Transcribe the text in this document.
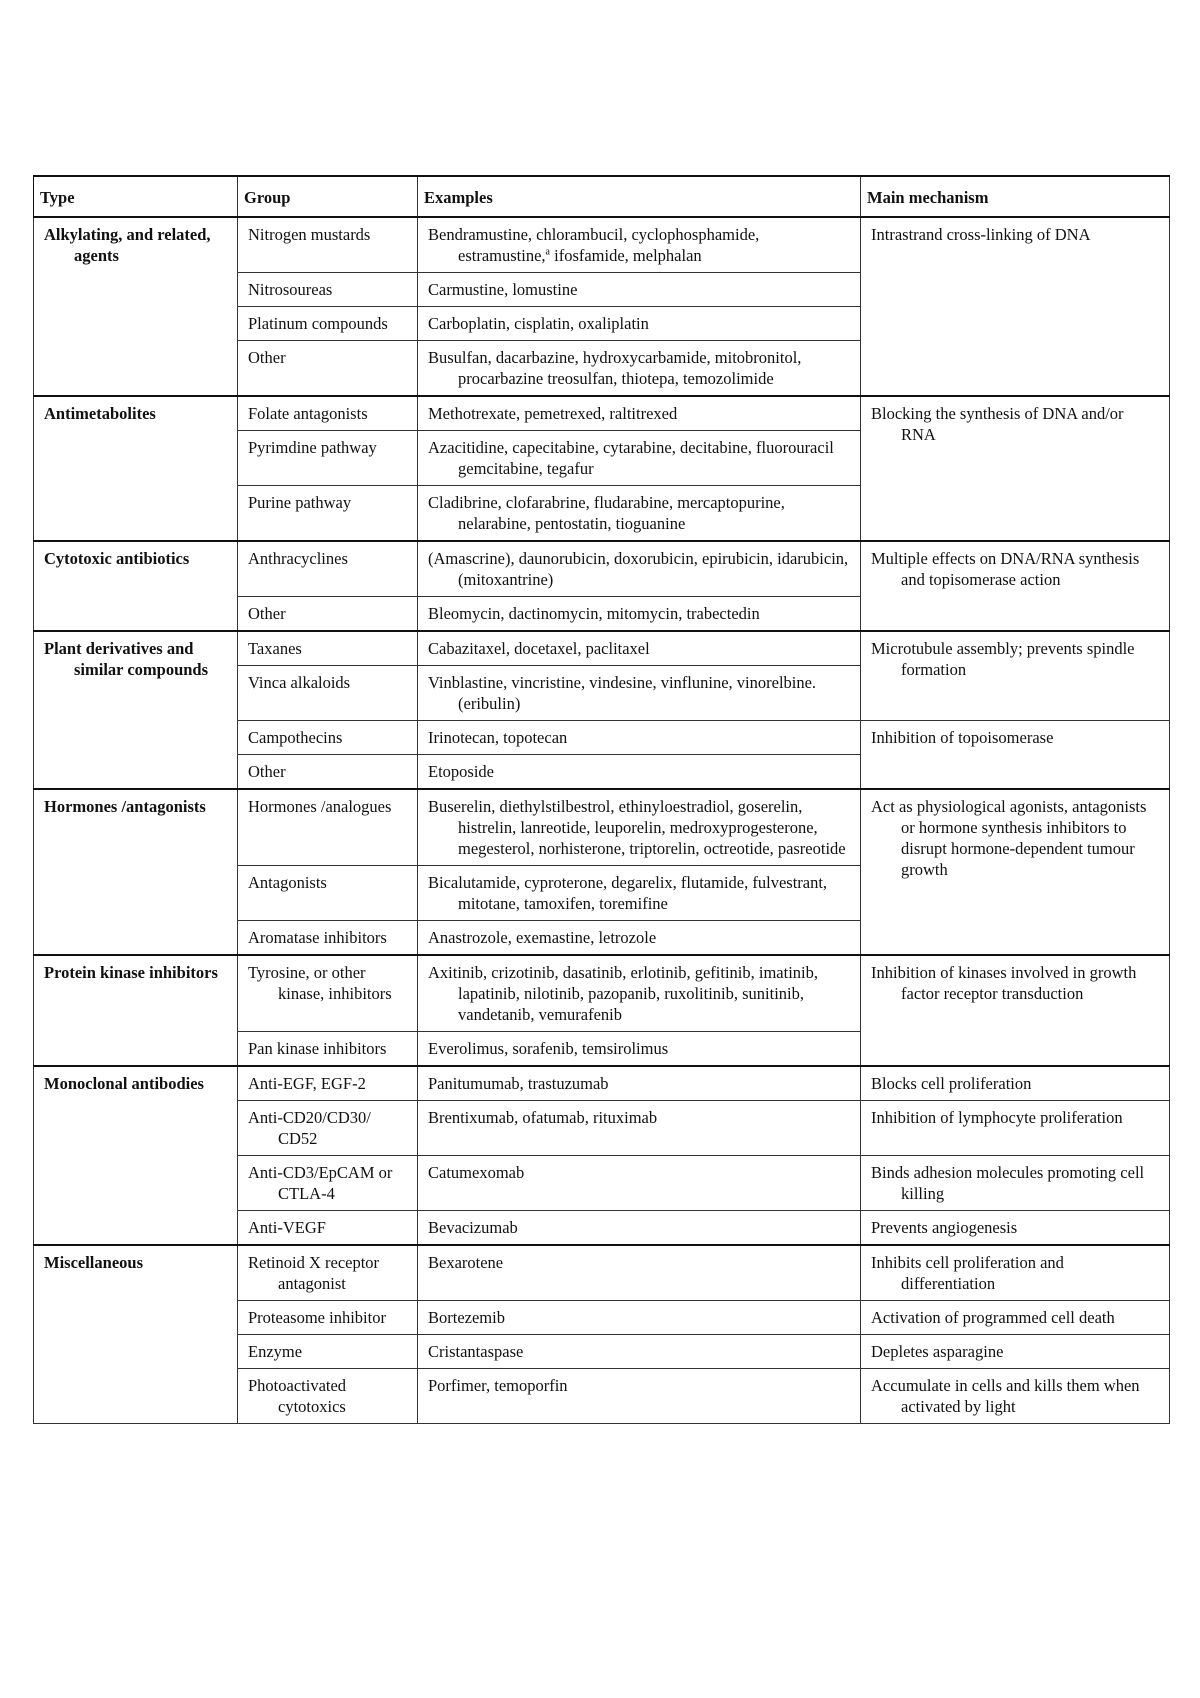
Type	Group	Examples	Main mechanism

Alkylating, and related, agents	Nitrogen mustards	Bendramustine, chlorambucil, cyclophosphamide, estramustine,$^a$ ifosfamide, melphalan	Intrastrand cross-linking of DNA

	Nitrosoureas	Carmustine, lomustine	

	Platinum compounds	Carboplatin, cisplatin, oxaliplatin	

	Other	Busulfan, dacarbazine, hydroxycarbamide, mitobronitol, procarbazine treosulfan, thiotepa, temozolimide	

Antimetabolites	Folate antagonists	Methotrexate, pemetrexed, raltitrexed	Blocking the synthesis of DNA and/or RNA

	Pyrimdine pathway	Azacitidine, capecitabine, cytarabine, decitabine, fluorouracil gemcitabine, tegafur	

	Purine pathway	Cladibrine, clofarabrine, fludarabine, mercaptopurine, nelarabine, pentostatin, tioguanine	

Cytotoxic antibiotics	Anthracyclines	(Amascrine), daunorubicin, doxorubicin, epirubicin, idarubicin, (mitoxantrine)	Multiple effects on DNA/RNA synthesis and topisomerase action

	Other	Bleomycin, dactinomycin, mitomycin, trabectedin	

Plant derivatives and similar compounds	Taxanes	Cabazitaxel, docetaxel, paclitaxel	Microtubule assembly; prevents spindle formation

	Vinca alkaloids	Vinblastine, vincristine, vindesine, vinflunine, vinorelbine. (eribulin)	

	Campothecins	Irinotecan, topotecan	Inhibition of topoisomerase

	Other	Etoposide	

Hormones /antagonists	Hormones /analogues	Buserelin, diethylstilbestrol, ethinyloestradiol, goserelin, histrelin, lanreotide, leuporelin, medroxyprogesterone, megesterol, norhisterone, triptorelin, octreotide, pasreotide	Act as physiological agonists, antagonists or hormone synthesis inhibitors to disrupt hormone-dependent tumour growth

	Antagonists	Bicalutamide, cyproterone, degarelix, flutamide, fulvestrant, mitotane, tamoxifen, toremifine	

	Aromatase inhibitors	Anastrozole, exemastine, letrozole	

Protein kinase inhibitors	Tyrosine, or other kinase, inhibitors	Axitinib, crizotinib, dasatinib, erlotinib, gefitinib, imatinib, lapatinib, nilotinib, pazopanib, ruxolitinib, sunitinib, vandetanib, vemurafenib	Inhibition of kinases involved in growth factor receptor transduction

	Pan kinase inhibitors	Everolimus, sorafenib, temsirolimus	

Monoclonal antibodies	Anti-EGF, EGF-2	Panitumumab, trastuzumab	Blocks cell proliferation

	Anti-CD20/CD30/ CD52	Brentixumab, ofatumab, rituximab	Inhibition of lymphocyte proliferation

	Anti-CD3/EpCAM or CTLA-4	Catumexomab	Binds adhesion molecules promoting cell killing

	Anti-VEGF	Bevacizumab	Prevents angiogenesis

Miscellaneous	Retinoid X receptor antagonist	Bexarotene	Inhibits cell proliferation and differentiation

	Proteasome inhibitor	Bortezemib	Activation of programmed cell death

	Enzyme	Cristantaspase	Depletes asparagine

	Photoactivated cytotoxics	Porfimer, temoporfin	Accumulate in cells and kills them when activated by light
